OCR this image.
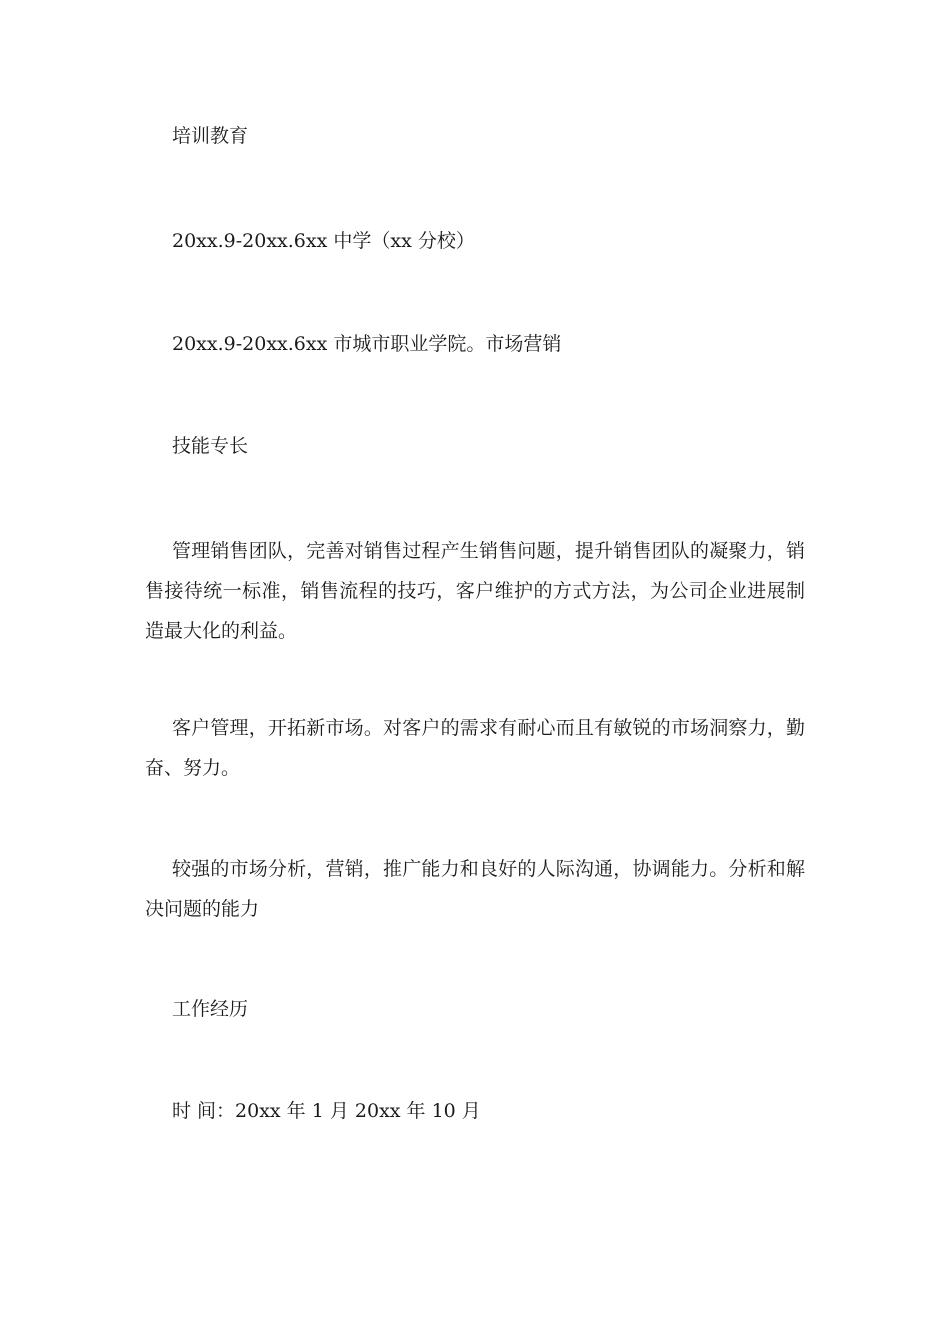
培训教育

20xx.9-20xx.6xx 中学（xx 分校）

20xx.9-20xx.6xx 市城市职业学院。市场营销

技能专长

管理销售团队，完善对销售过程产生销售问题，提升销售团队的凝聚力，销售接待统一标准，销售流程的技巧，客户维护的方式方法，为公司企业进展制造最大化的利益。

客户管理，开拓新市场。对客户的需求有耐心而且有敏锐的市场洞察力，勤奋、努力。

较强的市场分析，营销，推广能力和良好的人际沟通，协调能力。分析和解决问题的能力

工作经历

时 间：20xx 年 1 月 20xx 年 10 月
